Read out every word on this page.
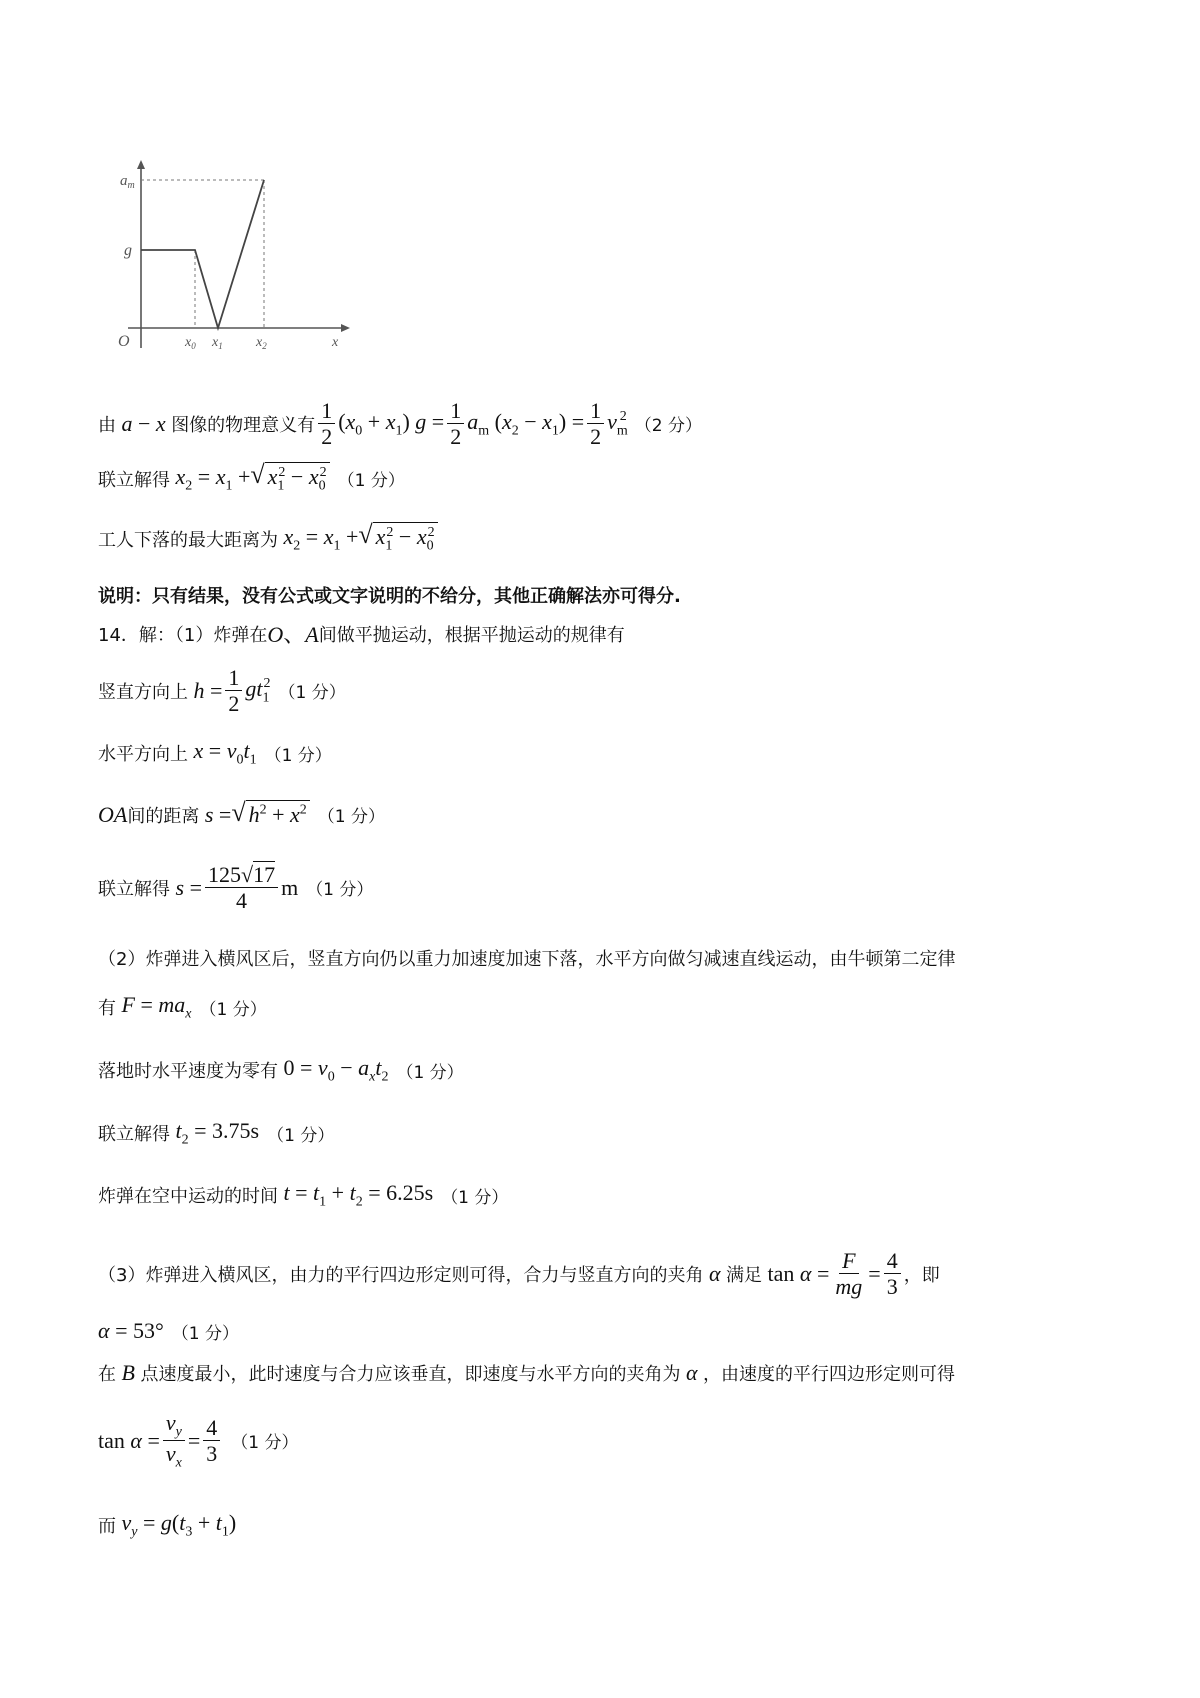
$a_m$
g
O	$x_0$ $x_1$ $x_2$	x
由 a − x 图像的物理意义有 $\frac{1}{2} (x_0 + x_1) g = \frac{1}{2} a_m$ $(x_2 - x_1) = \frac{1}{2} v_m^2$ （2 分）
联立解得 $x_2 = x_1$ + √ $x_1^2 - x_0^2$ （1 分）
工人下落的最大距离为 $x_2 = x_1$ + √ $x_1^2 - x_0^2$
说明：只有结果，没有公式或文字说明的不给分，其他正确解法亦可得分.
14．解：（1）炸弹在 O、A 间做平抛运动，根据平抛运动的规律有
竖直方向上 $h = \frac{1}{2} gt_1^2$ （1 分）
水平方向上 $x = v_0t_1$ （1 分）
OA 间的距离 s = √ $h^2 + x^2$ （1 分）
联立解得 $s = \frac{125√17}{4}$ m （1 分）
（2）炸弹进入横风区后，竖直方向仍以重力加速度加速下落，水平方向做匀减速直线运动，由牛顿第二定律
有 $F = ma_x$ （1 分）
落地时水平速度为零有 $0 = v_0 - a_xt_2$ （1 分）
联立解得 $t_2 = 3.75s$ （1 分）
炸弹在空中运动的时间 $t = t_1 + t_2 = 6.25s$ （1 分）
（3）炸弹进入横风区，由力的平行四边形定则可得，合力与竖直方向的夹角 α 满足 $\tan \alpha = \frac{F}{mg} = \frac{4}{3}$ ，即
α = 53° （1 分）
在 B 点速度最小，此时速度与合力应该垂直，即速度与水平方向的夹角为 α ，由速度的平行四边形定则可得
$\tan \alpha = \frac{v_y}{v_x} = \frac{4}{3} (1$ 分）
而 $v_y = g(t_3 + t_1)$
